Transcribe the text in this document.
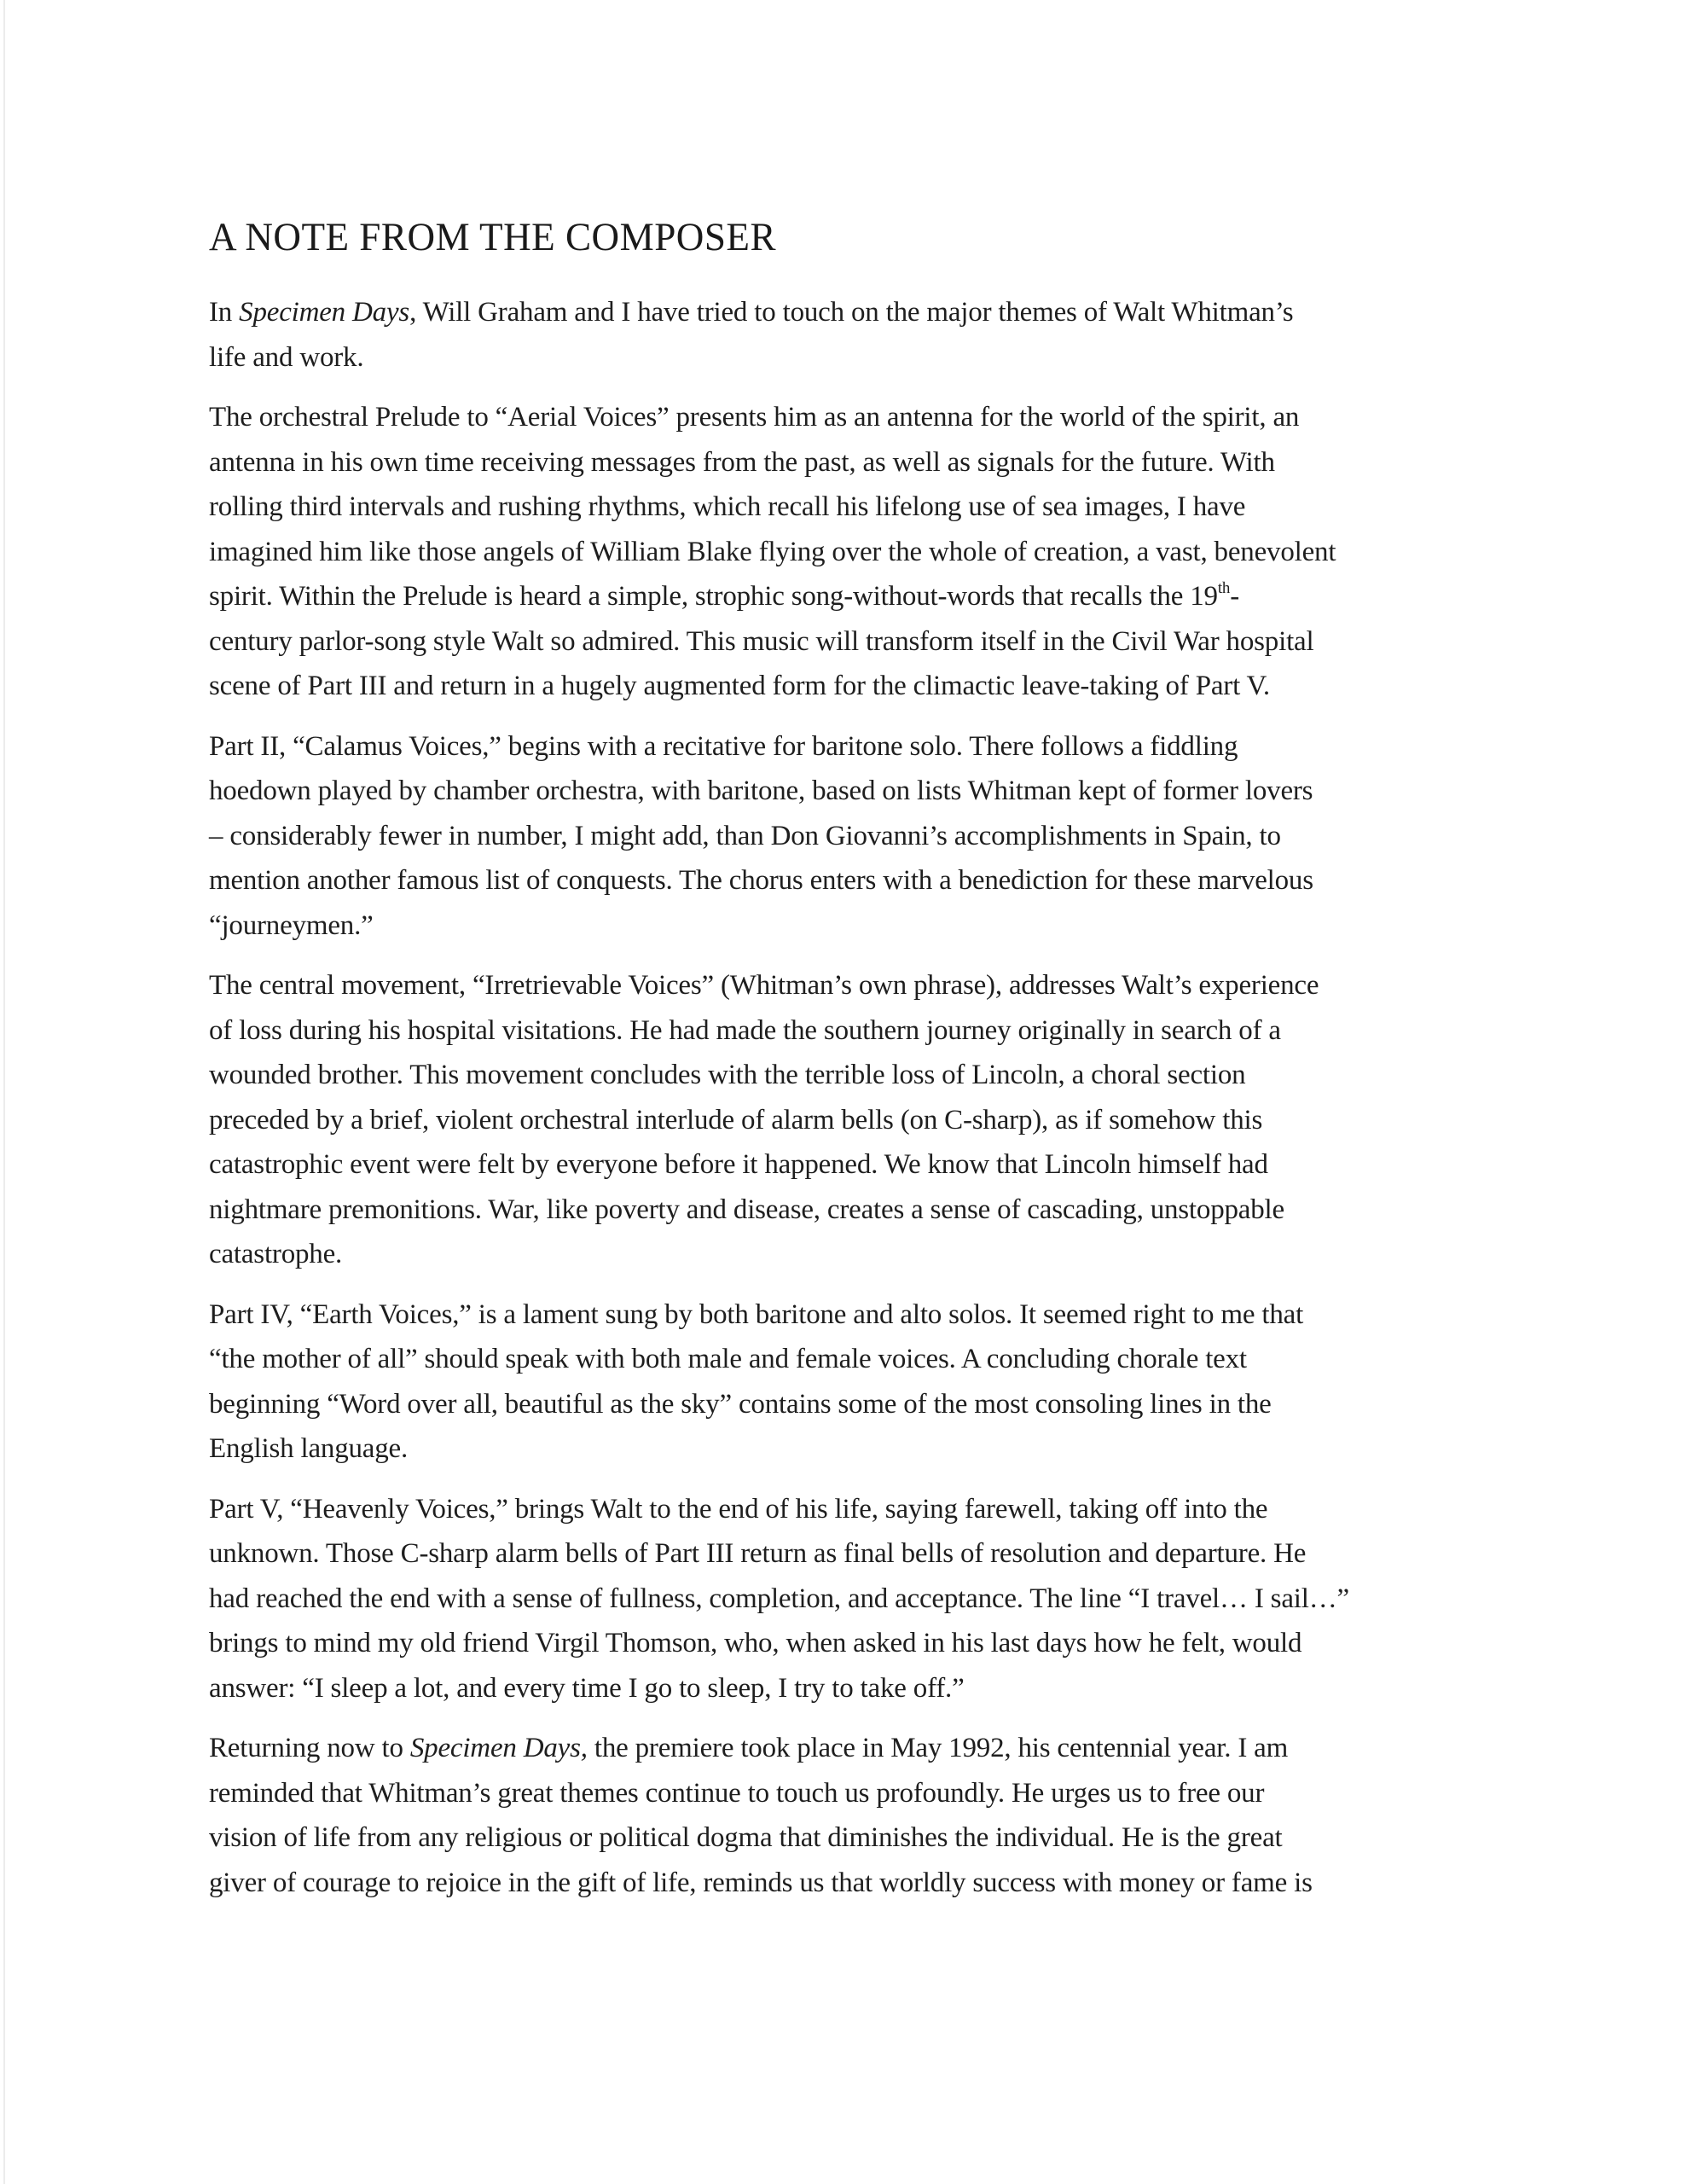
A NOTE FROM THE COMPOSER

In Specimen Days, Will Graham and I have tried to touch on the major themes of Walt Whitman’s
life and work.

The orchestral Prelude to “Aerial Voices” presents him as an antenna for the world of the spirit, an
antenna in his own time receiving messages from the past, as well as signals for the future. With
rolling third intervals and rushing rhythms, which recall his lifelong use of sea images, I have
imagined him like those angels of William Blake flying over the whole of creation, a vast, benevolent
spirit. Within the Prelude is heard a simple, strophic song-without-words that recalls the 19th-
century parlor-song style Walt so admired. This music will transform itself in the Civil War hospital
scene of Part III and return in a hugely augmented form for the climactic leave-taking of Part V.

Part II, “Calamus Voices,” begins with a recitative for baritone solo. There follows a fiddling
hoedown played by chamber orchestra, with baritone, based on lists Whitman kept of former lovers
– considerably fewer in number, I might add, than Don Giovanni’s accomplishments in Spain, to
mention another famous list of conquests. The chorus enters with a benediction for these marvelous
“journeymen.”

The central movement, “Irretrievable Voices” (Whitman’s own phrase), addresses Walt’s experience
of loss during his hospital visitations. He had made the southern journey originally in search of a
wounded brother. This movement concludes with the terrible loss of Lincoln, a choral section
preceded by a brief, violent orchestral interlude of alarm bells (on C-sharp), as if somehow this
catastrophic event were felt by everyone before it happened. We know that Lincoln himself had
nightmare premonitions. War, like poverty and disease, creates a sense of cascading, unstoppable
catastrophe.

Part IV, “Earth Voices,” is a lament sung by both baritone and alto solos. It seemed right to me that
“the mother of all” should speak with both male and female voices. A concluding chorale text
beginning “Word over all, beautiful as the sky” contains some of the most consoling lines in the
English language.

Part V, “Heavenly Voices,” brings Walt to the end of his life, saying farewell, taking off into the
unknown. Those C-sharp alarm bells of Part III return as final bells of resolution and departure. He
had reached the end with a sense of fullness, completion, and acceptance. The line “I travel… I sail…”
brings to mind my old friend Virgil Thomson, who, when asked in his last days how he felt, would
answer: “I sleep a lot, and every time I go to sleep, I try to take off.”

Returning now to Specimen Days, the premiere took place in May 1992, his centennial year. I am
reminded that Whitman’s great themes continue to touch us profoundly. He urges us to free our
vision of life from any religious or political dogma that diminishes the individual. He is the great
giver of courage to rejoice in the gift of life, reminds us that worldly success with money or fame is
